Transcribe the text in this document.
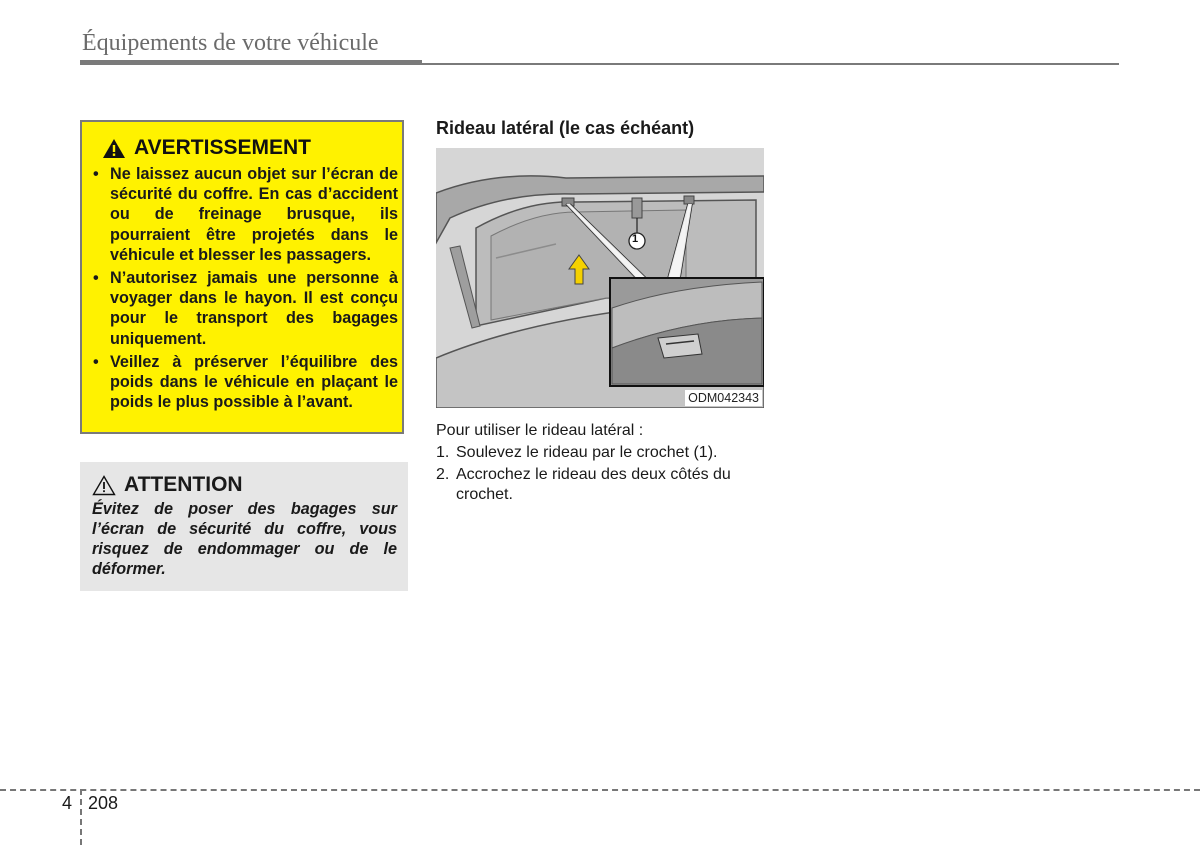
Équipements de votre véhicule
AVERTISSEMENT
• Ne laissez aucun objet sur l’écran de sécurité du coffre. En cas d’accident ou de freinage brusque, ils pourraient être projetés dans le véhicule et blesser les passagers.
• N’autorisez jamais une personne à voyager dans le hayon. Il est conçu pour le transport des bagages uniquement.
• Veillez à préserver l’équilibre des poids dans le véhicule en plaçant le poids le plus possible à l’avant.
ATTENTION

Évitez de poser des bagages sur l’écran de sécurité du coffre, vous risquez de endommager ou de le déformer.

Rideau latéral (le cas échéant)
1
ODM042343

Pour utiliser le rideau latéral :

1. Soulevez le rideau par le crochet (1).
2. Accrochez le rideau des deux côtés du crochet.
4 208
